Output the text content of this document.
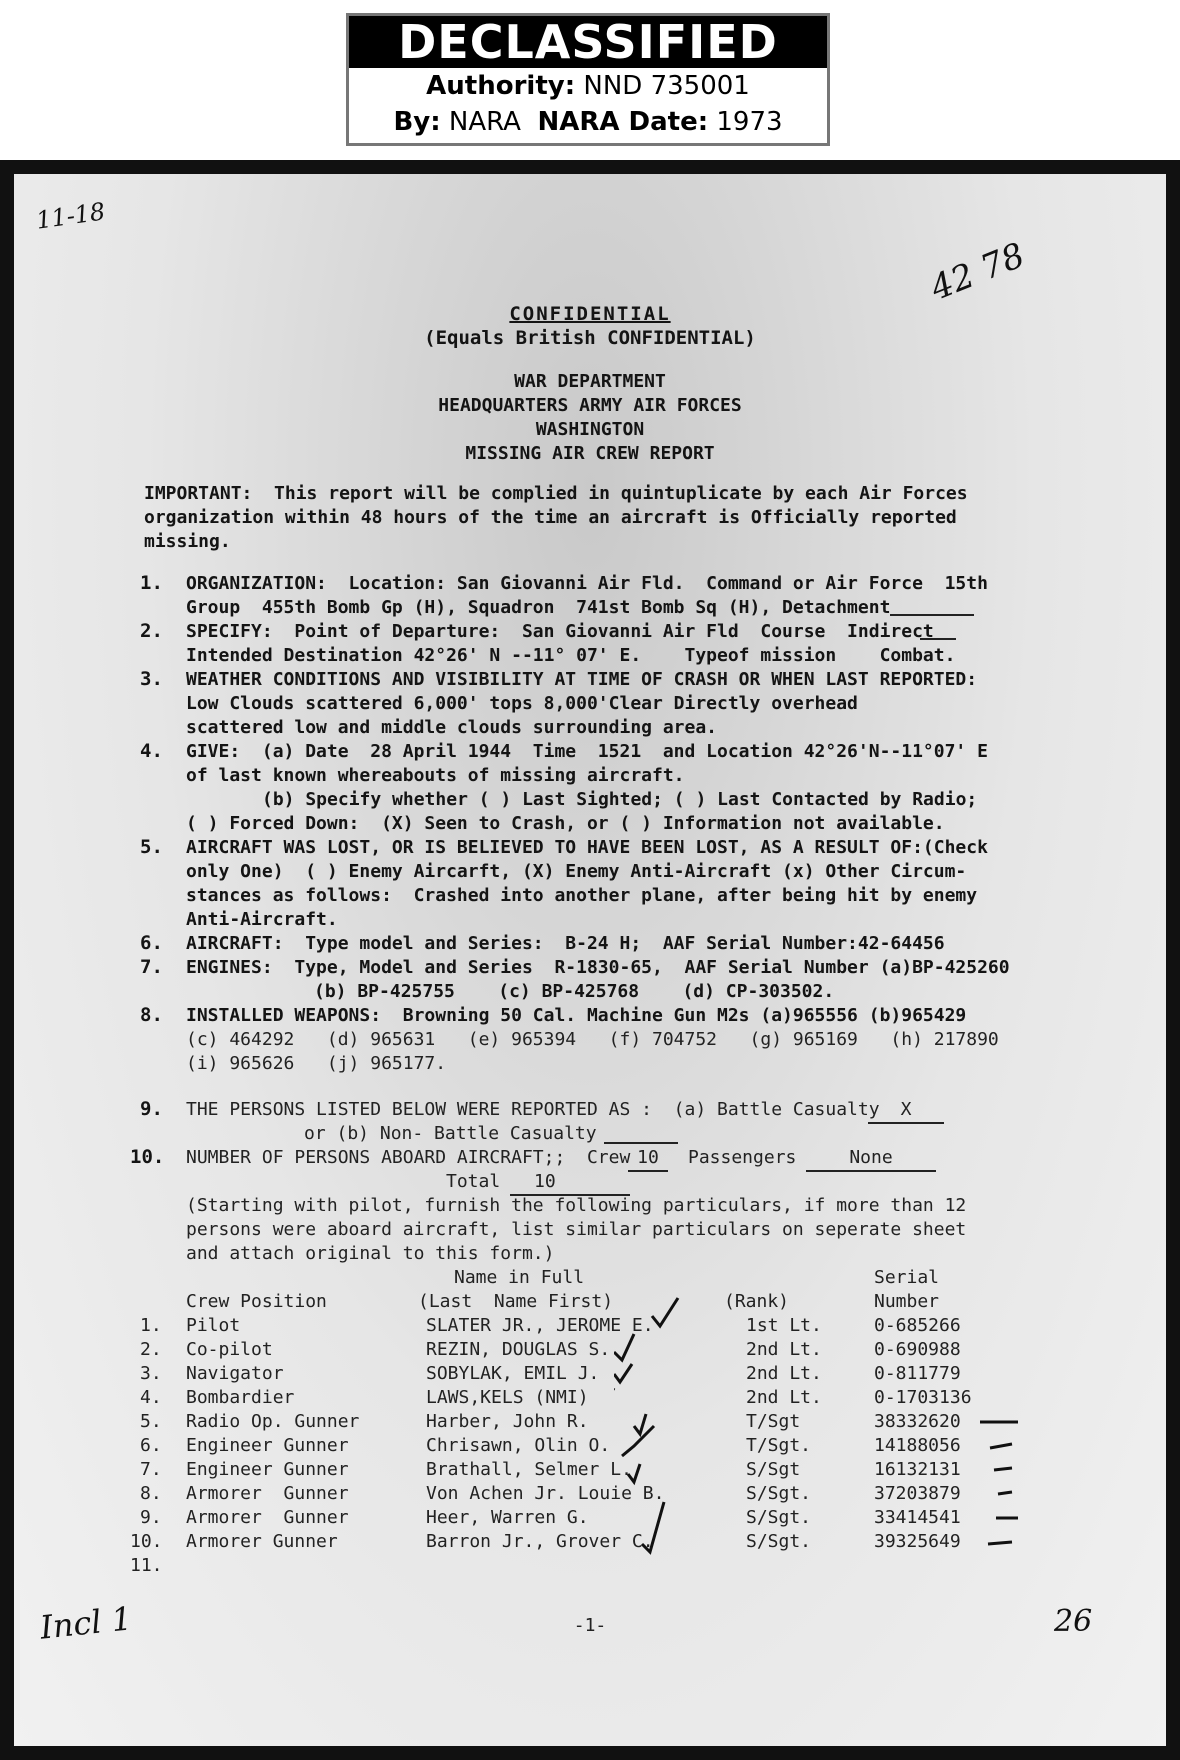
DECLASSIFIED
Authority: NND 735001
By: NARA NARA Date: 1973
11-18
42 78
CONFIDENTIAL
(Equals British CONFIDENTIAL)
WAR DEPARTMENT
HEADQUARTERS ARMY AIR FORCES
WASHINGTON
MISSING AIR CREW REPORT
IMPORTANT:  This report will be complied in quintuplicate by each Air Forces
organization within 48 hours of the time an aircraft is Officially reported
missing.
1. ORGANIZATION:  Location: San Giovanni Air Fld.  Command or Air Force  15th
Group  455th Bomb Gp (H), Squadron  741st Bomb Sq (H), Detachment
2. SPECIFY:  Point of Departure:  San Giovanni Air Fld  Course  Indirect
Intended Destination 42°26' N --11° 07' E.    Typeof mission    Combat.
3. WEATHER CONDITIONS AND VISIBILITY AT TIME OF CRASH OR WHEN LAST REPORTED:
Low Clouds scattered 6,000' tops 8,000'Clear Directly overhead
scattered low and middle clouds surrounding area.
4. GIVE:  (a) Date  28 April 1944  Time  1521  and Location 42°26'N--11°07' E
of last known whereabouts of missing aircraft.
(b) Specify whether ( ) Last Sighted; ( ) Last Contacted by Radio;
( ) Forced Down:  (X) Seen to Crash, or ( ) Information not available.
5. AIRCRAFT WAS LOST, OR IS BELIEVED TO HAVE BEEN LOST, AS A RESULT OF:(Check
only One)  ( ) Enemy Aircarft, (X) Enemy Anti-Aircraft (x) Other Circum-
stances as follows:  Crashed into another plane, after being hit by enemy
Anti-Aircraft.
6. AIRCRAFT:  Type model and Series:  B-24 H;  AAF Serial Number:42-64456
7. ENGINES:  Type, Model and Series  R-1830-65,  AAF Serial Number (a)BP-425260
(b) BP-425755    (c) BP-425768    (d) CP-303502.
8. INSTALLED WEAPONS:  Browning 50 Cal. Machine Gun M2s (a)965556 (b)965429
(c) 464292   (d) 965631   (e) 965394   (f) 704752   (g) 965169   (h) 217890
(i) 965626   (j) 965177.
9. THE PERSONS LISTED BELOW WERE REPORTED AS :  (a) Battle Casualty	X
or (b) Non- Battle Casualty
10. NUMBER OF PERSONS ABOARD AIRCRAFT;;  Crew 10	Passengers	None
Total	10
(Starting with pilot, furnish the following particulars, if more than 12
persons were aboard aircraft, list similar particulars on seperate sheet
and attach original to this form.)
Name in Full	Serial
Crew Position	(Last  Name First)	(Rank)	Number
1. Pilot	SLATER JR., JEROME E.	1st Lt.	0-685266
2. Co-pilot	REZIN, DOUGLAS S.	2nd Lt.	0-690988
3. Navigator	SOBYLAK, EMIL J.	2nd Lt.	0-811779
4. Bombardier	LAWS,KELS (NMI)	2nd Lt.	0-1703136
5. Radio Op. Gunner	Harber, John R.	T/Sgt	38332620
6. Engineer Gunner	Chrisawn, Olin O.	T/Sgt.	14188056
7. Engineer Gunner	Brathall, Selmer L.	S/Sgt	16132131
8. Armorer  Gunner	Von Achen Jr. Louie B.	S/Sgt.	37203879
9. Armorer  Gunner	Heer, Warren G.	S/Sgt.	33414541
10. Armorer Gunner	Barron Jr., Grover C.	S/Sgt.	39325649
11.
-1-
Incl 1	26
